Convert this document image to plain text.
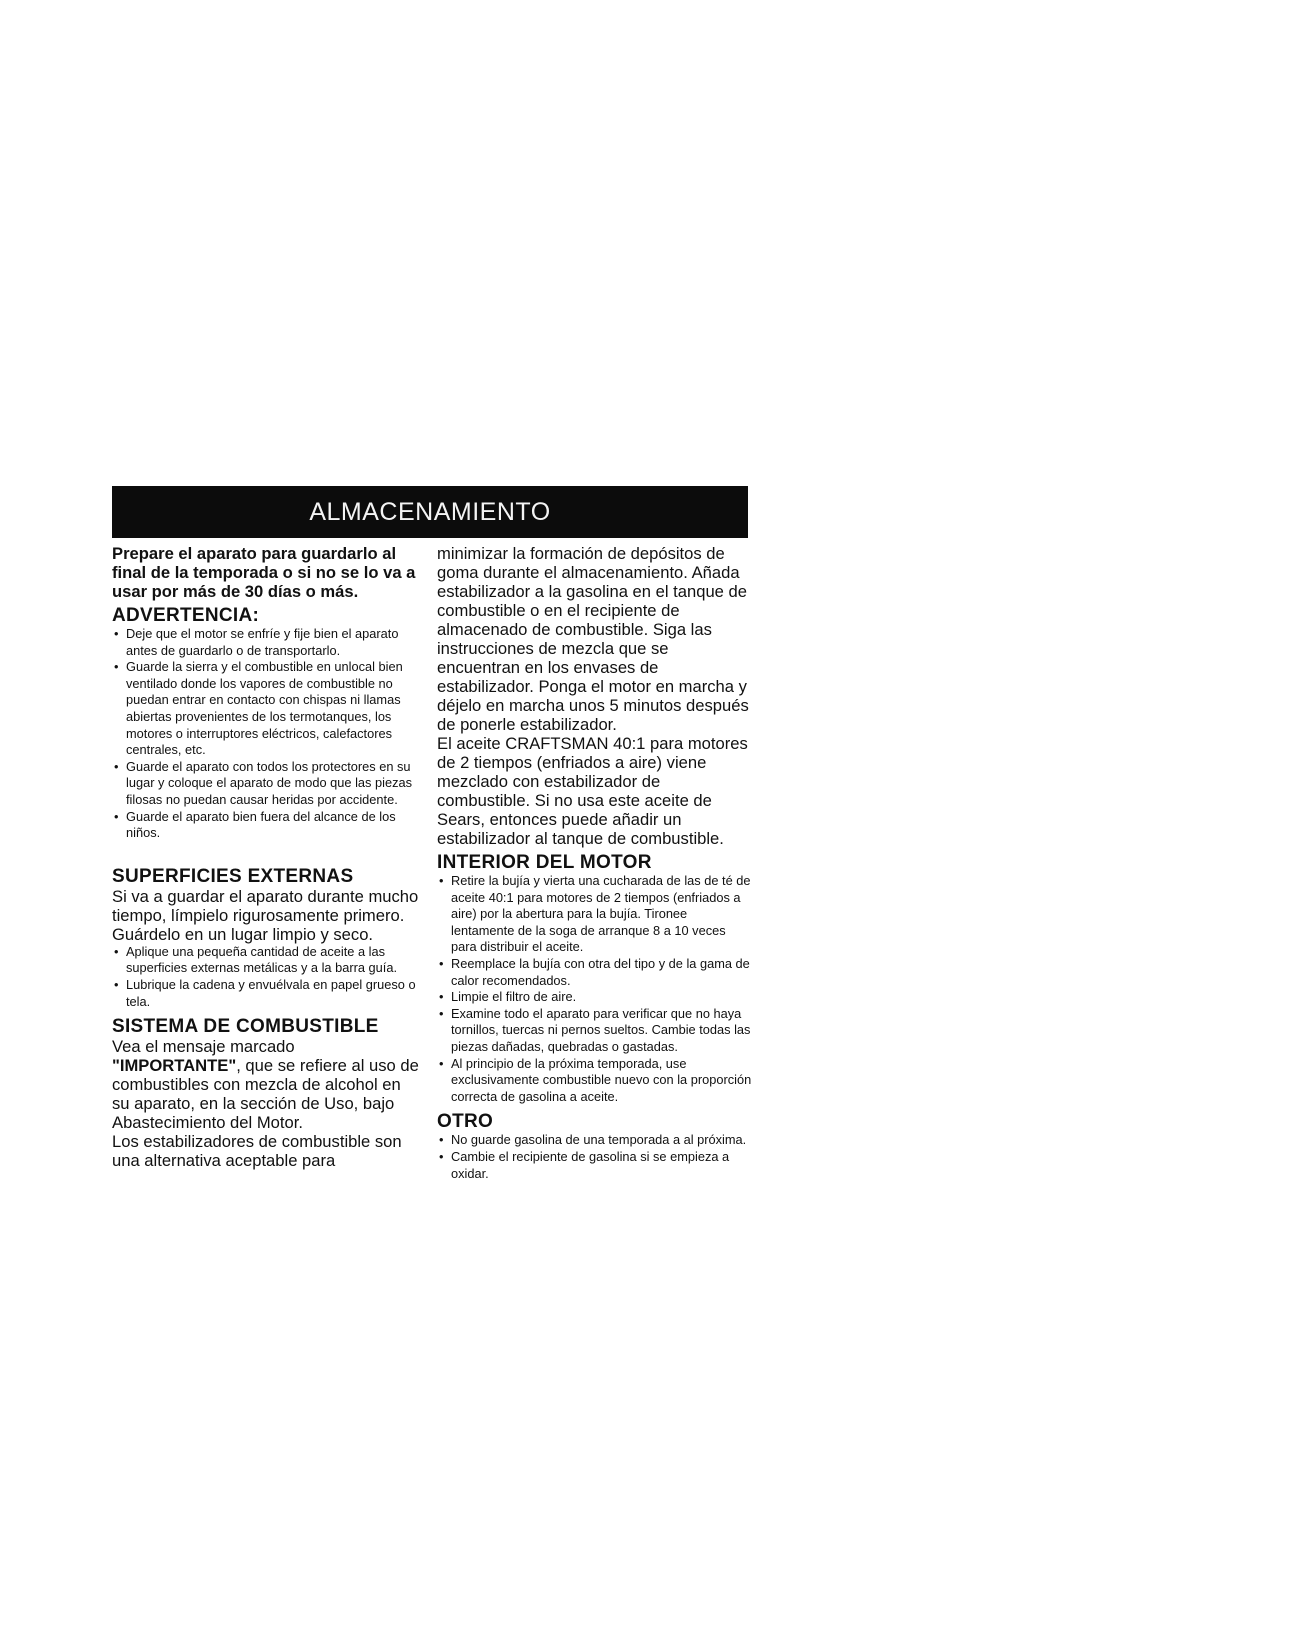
ALMACENAMIENTO

Prepare el aparato para guardarlo al final de la temporada o si no se lo va a usar por más de 30 días o más.

ADVERTENCIA:
• Deje que el motor se enfríe y fije bien el aparato antes de guardarlo o de transportarlo.
• Guarde la sierra y el combustible en unlocal bien ventilado donde los vapores de combustible no puedan entrar en contacto con chispas ni llamas abiertas provenientes de los termotanques, los motores o interruptores eléctricos, calefactores centrales, etc.
• Guarde el aparato con todos los protectores en su lugar y coloque el aparato de modo que las piezas filosas no puedan causar heridas por accidente.
• Guarde el aparato bien fuera del alcance de los niños.
SUPERFICIES EXTERNAS

Si va a guardar el aparato durante mucho tiempo, límpielo rigurosamente primero. Guárdelo en un lugar limpio y seco.

• Aplique una pequeña cantidad de aceite a las superficies externas metálicas y a la barra guía.
• Lubrique la cadena y envuélvala en papel grueso o tela.
SISTEMA DE COMBUSTIBLE

Vea el mensaje marcado "IMPORTANTE", que se refiere al uso de combustibles con mezcla de alcohol en su aparato, en la sección de Uso, bajo Abastecimiento del Motor.

Los estabilizadores de combustible son una alternativa aceptable para

minimizar la formación de depósitos de goma durante el almacenamiento. Añada estabilizador a la gasolina en el tanque de combustible o en el recipiente de almacenado de combustible. Siga las instrucciones de mezcla que se encuentran en los envases de estabilizador. Ponga el motor en marcha y déjelo en marcha unos 5 minutos después de ponerle estabilizador.

El aceite CRAFTSMAN 40:1 para motores de 2 tiempos (enfriados a aire) viene mezclado con estabilizador de combustible. Si no usa este aceite de Sears, entonces puede añadir un estabilizador al tanque de combustible.

INTERIOR DEL MOTOR
• Retire la bujía y vierta una cucharada de las de té de aceite 40:1 para motores de 2 tiempos (enfriados a aire) por la abertura para la bujía. Tironee lentamente de la soga de arranque 8 a 10 veces para distribuir el aceite.
• Reemplace la bujía con otra del tipo y de la gama de calor recomendados.
• Limpie el filtro de aire.
• Examine todo el aparato para verificar que no haya tornillos, tuercas ni pernos sueltos. Cambie todas las piezas dañadas, quebradas o gastadas.
• Al principio de la próxima temporada, use exclusivamente combustible nuevo con la proporción correcta de gasolina a aceite.
OTRO
• No guarde gasolina de una temporada a al próxima.
• Cambie el recipiente de gasolina si se empieza a oxidar.
